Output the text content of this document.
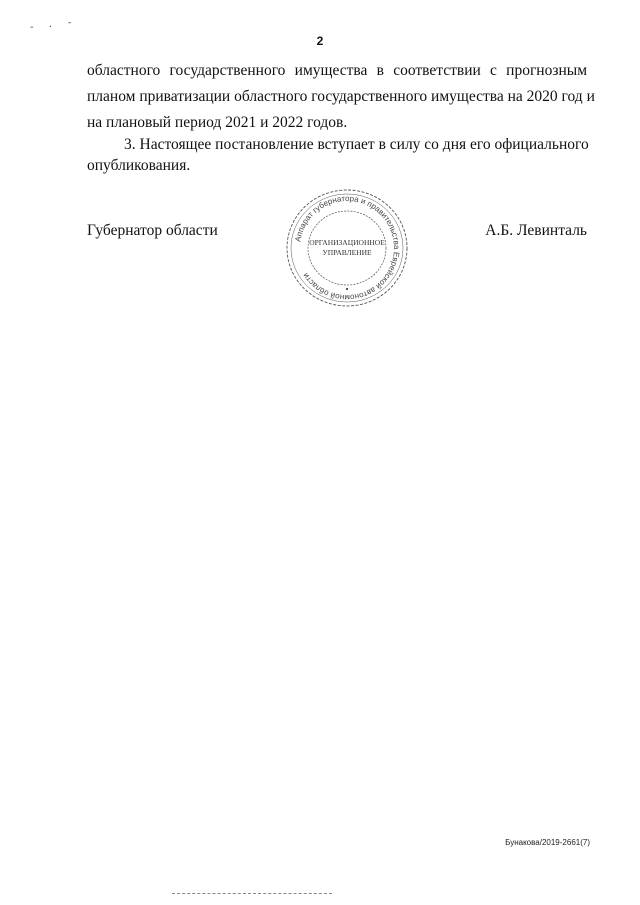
- · ˉ
2
областного государственного имущества в соответствии с прогнозным
планом приватизации областного государственного имущества на 2020 год и
на плановый период 2021 и 2022 годов.
3. Настоящее постановление вступает в силу со дня его официального
опубликования.
Губернатор области	А.Б. Левинталь
Аппарат губернатора и правительства Еврейской автономной области
ОРГАНИЗАЦИОННОЕ
УПРАВЛЕНИЕ
Бунакова/2019-2661(7)
